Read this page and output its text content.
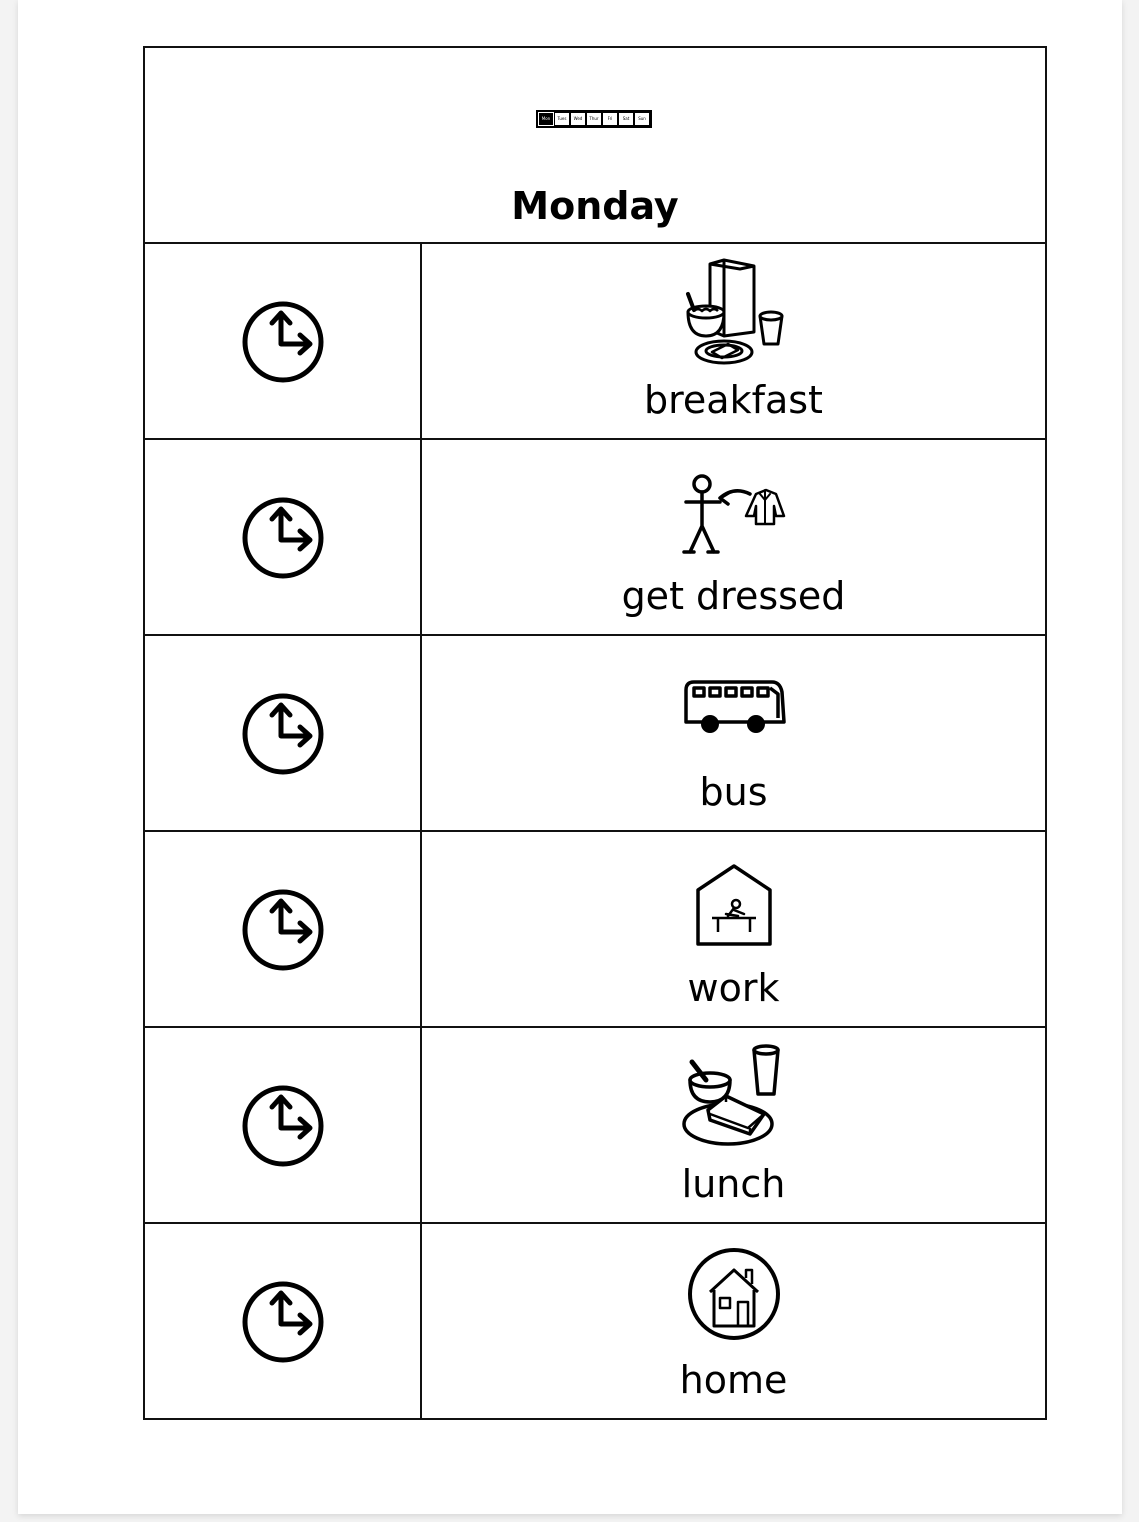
Mon	Tues	Wed	Thur	Fri	Sat	Sun
Monday
breakfast
get dressed
bus
work
lunch
home
